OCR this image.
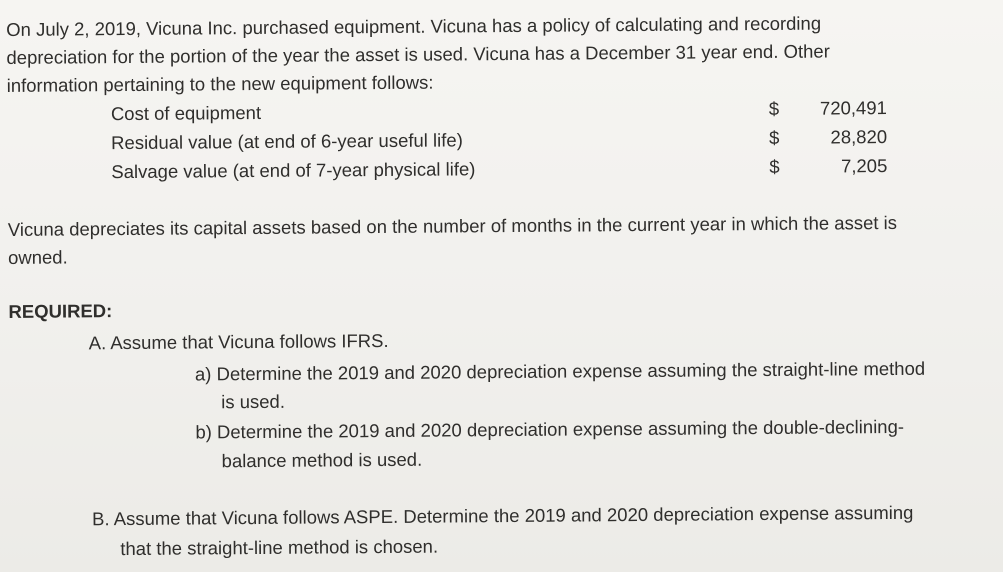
On July 2, 2019, Vicuna Inc. purchased equipment. Vicuna has a policy of calculating and recording
depreciation for the portion of the year the asset is used. Vicuna has a December 31 year end. Other
information pertaining to the new equipment follows:
Cost of equipment	$ 720,491
Residual value (at end of 6-year useful life)	$	28,820
Salvage value (at end of 7-year physical life)	$	7,205
Vicuna depreciates its capital assets based on the number of months in the current year in which the asset is
owned.
REQUIRED:
A. Assume that Vicuna follows IFRS.
a) Determine the 2019 and 2020 depreciation expense assuming the straight-line method
is used.
b) Determine the 2019 and 2020 depreciation expense assuming the double-declining-
balance method is used.
B. Assume that Vicuna follows ASPE. Determine the 2019 and 2020 depreciation expense assuming
that the straight-line method is chosen.
